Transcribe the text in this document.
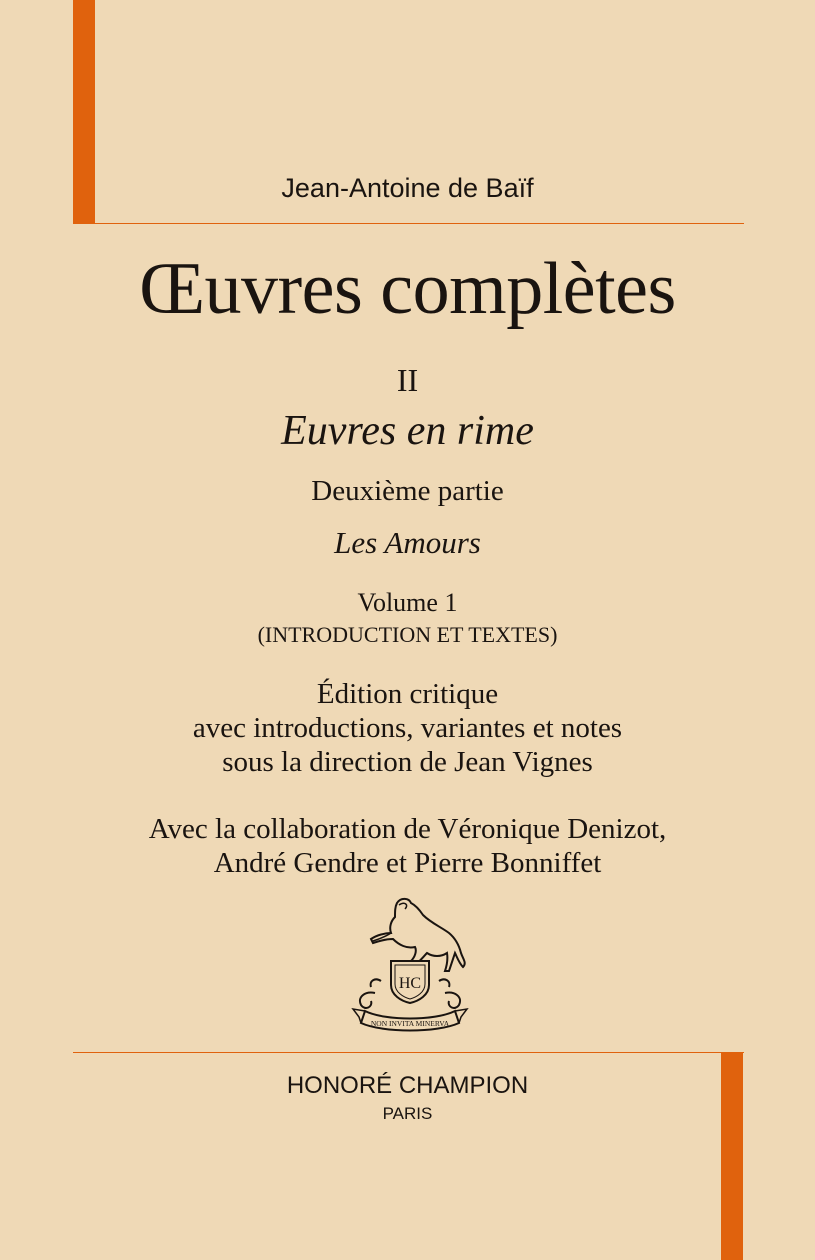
Jean-Antoine de Baïf

Œuvres complètes

II

Euvres en rime

Deuxième partie

Les Amours

Volume 1

(INTRODUCTION ET TEXTES)

Édition critique

avec introductions, variantes et notes

sous la direction de Jean Vignes

Avec la collaboration de Véronique Denizot,

André Gendre et Pierre Bonniffet

HC
NON INVITA MINERVA

HONORÉ CHAMPION

PARIS
